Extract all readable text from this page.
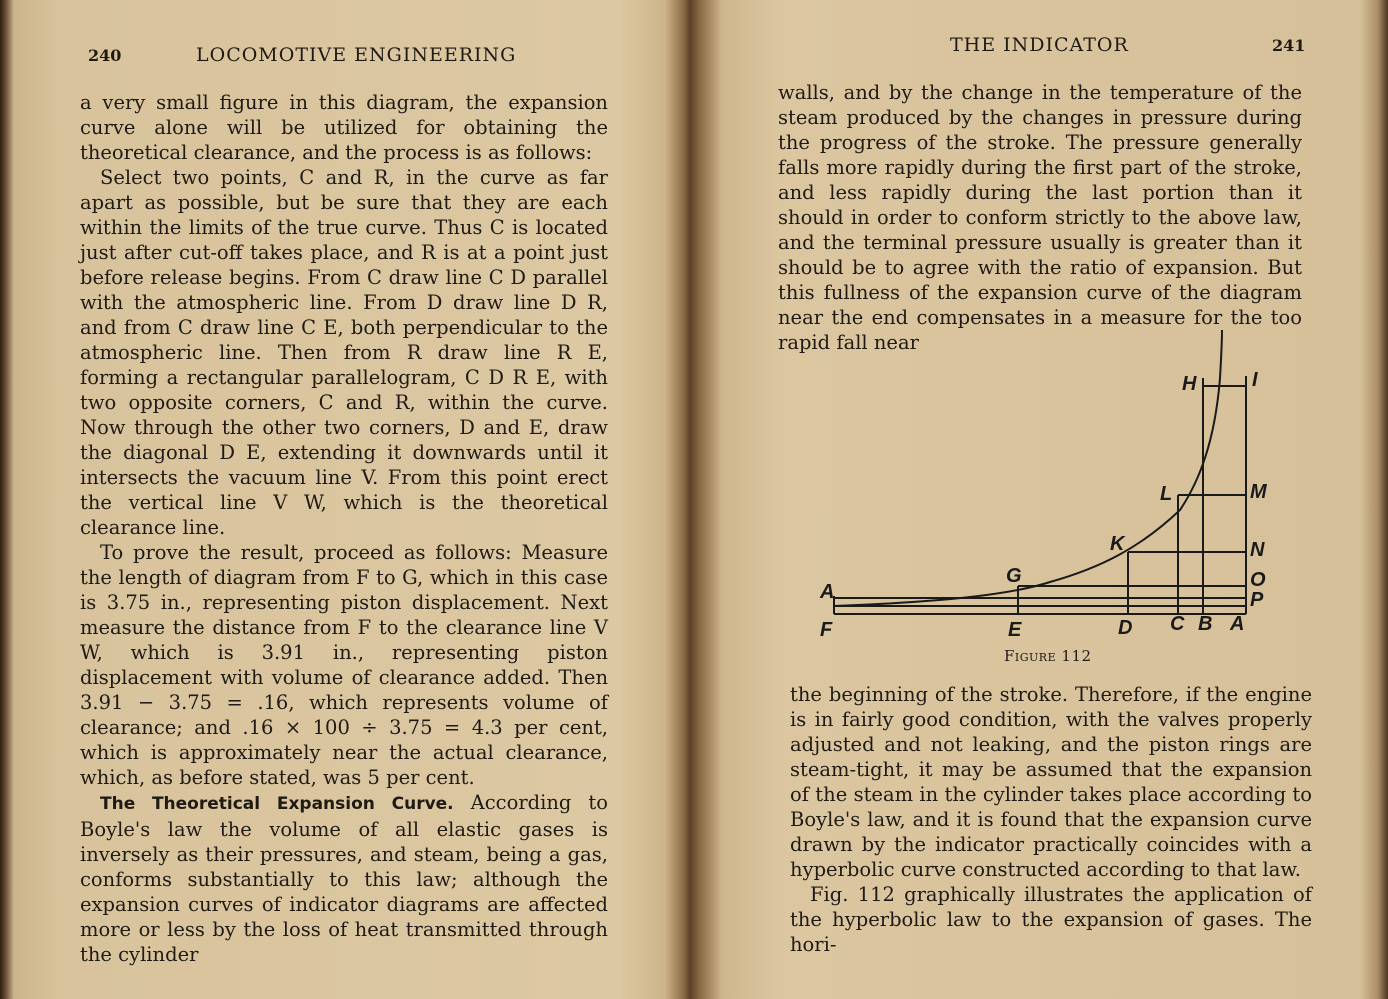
240	LOCOMOTIVE ENGINEERING

a very small figure in this diagram, the expansion curve alone will be utilized for obtaining the theoretical clearance, and the process is as follows:

Select two points, C and R, in the curve as far apart as possible, but be sure that they are each within the limits of the true curve. Thus C is located just after cut-off takes place, and R is at a point just before release begins. From C draw line C D parallel with the atmospheric line. From D draw line D R, and from C draw line C E, both perpendicular to the atmospheric line. Then from R draw line R E, forming a rectangular parallelogram, C D R E, with two opposite corners, C and R, within the curve. Now through the other two corners, D and E, draw the diagonal D E, extending it downwards until it intersects the vacuum line V. From this point erect the vertical line V W, which is the theoretical clearance line.

To prove the result, proceed as follows: Measure the length of diagram from F to G, which in this case is 3.75 in., representing piston displacement. Next measure the distance from F to the clearance line V W, which is 3.91 in., representing piston displacement with volume of clearance added. Then 3.91 − 3.75 = .16, which represents volume of clearance; and .16 × 100 ÷ 3.75 = 4.3 per cent, which is approximately near the actual clearance, which, as before stated, was 5 per cent.

The Theoretical Expansion Curve. According to Boyle's law the volume of all elastic gases is inversely as their pressures, and steam, being a gas, conforms substantially to this law; although the expansion curves of indicator diagrams are affected more or less by the loss of heat transmitted through the cylinder

THE INDICATOR	241

walls, and by the change in the temperature of the steam produced by the changes in pressure during the progress of the stroke. The pressure generally falls more rapidly during the first part of the stroke, and less rapidly during the last portion than it should in order to conform strictly to the above law, and the terminal pressure usually is greater than it should be to agree with the ratio of expansion. But this fullness of the expansion curve of the diagram near the end compensates in a measure for the too rapid fall near

H	I
L	M
K	N
G	O
P
A
F	E	D C B A
Figure 112

the beginning of the stroke. Therefore, if the engine is in fairly good condition, with the valves properly adjusted and not leaking, and the piston rings are steam-tight, it may be assumed that the expansion of the steam in the cylinder takes place according to Boyle's law, and it is found that the expansion curve drawn by the indicator practically coincides with a hyperbolic curve constructed according to that law.

Fig. 112 graphically illustrates the application of the hyperbolic law to the expansion of gases. The hori-
